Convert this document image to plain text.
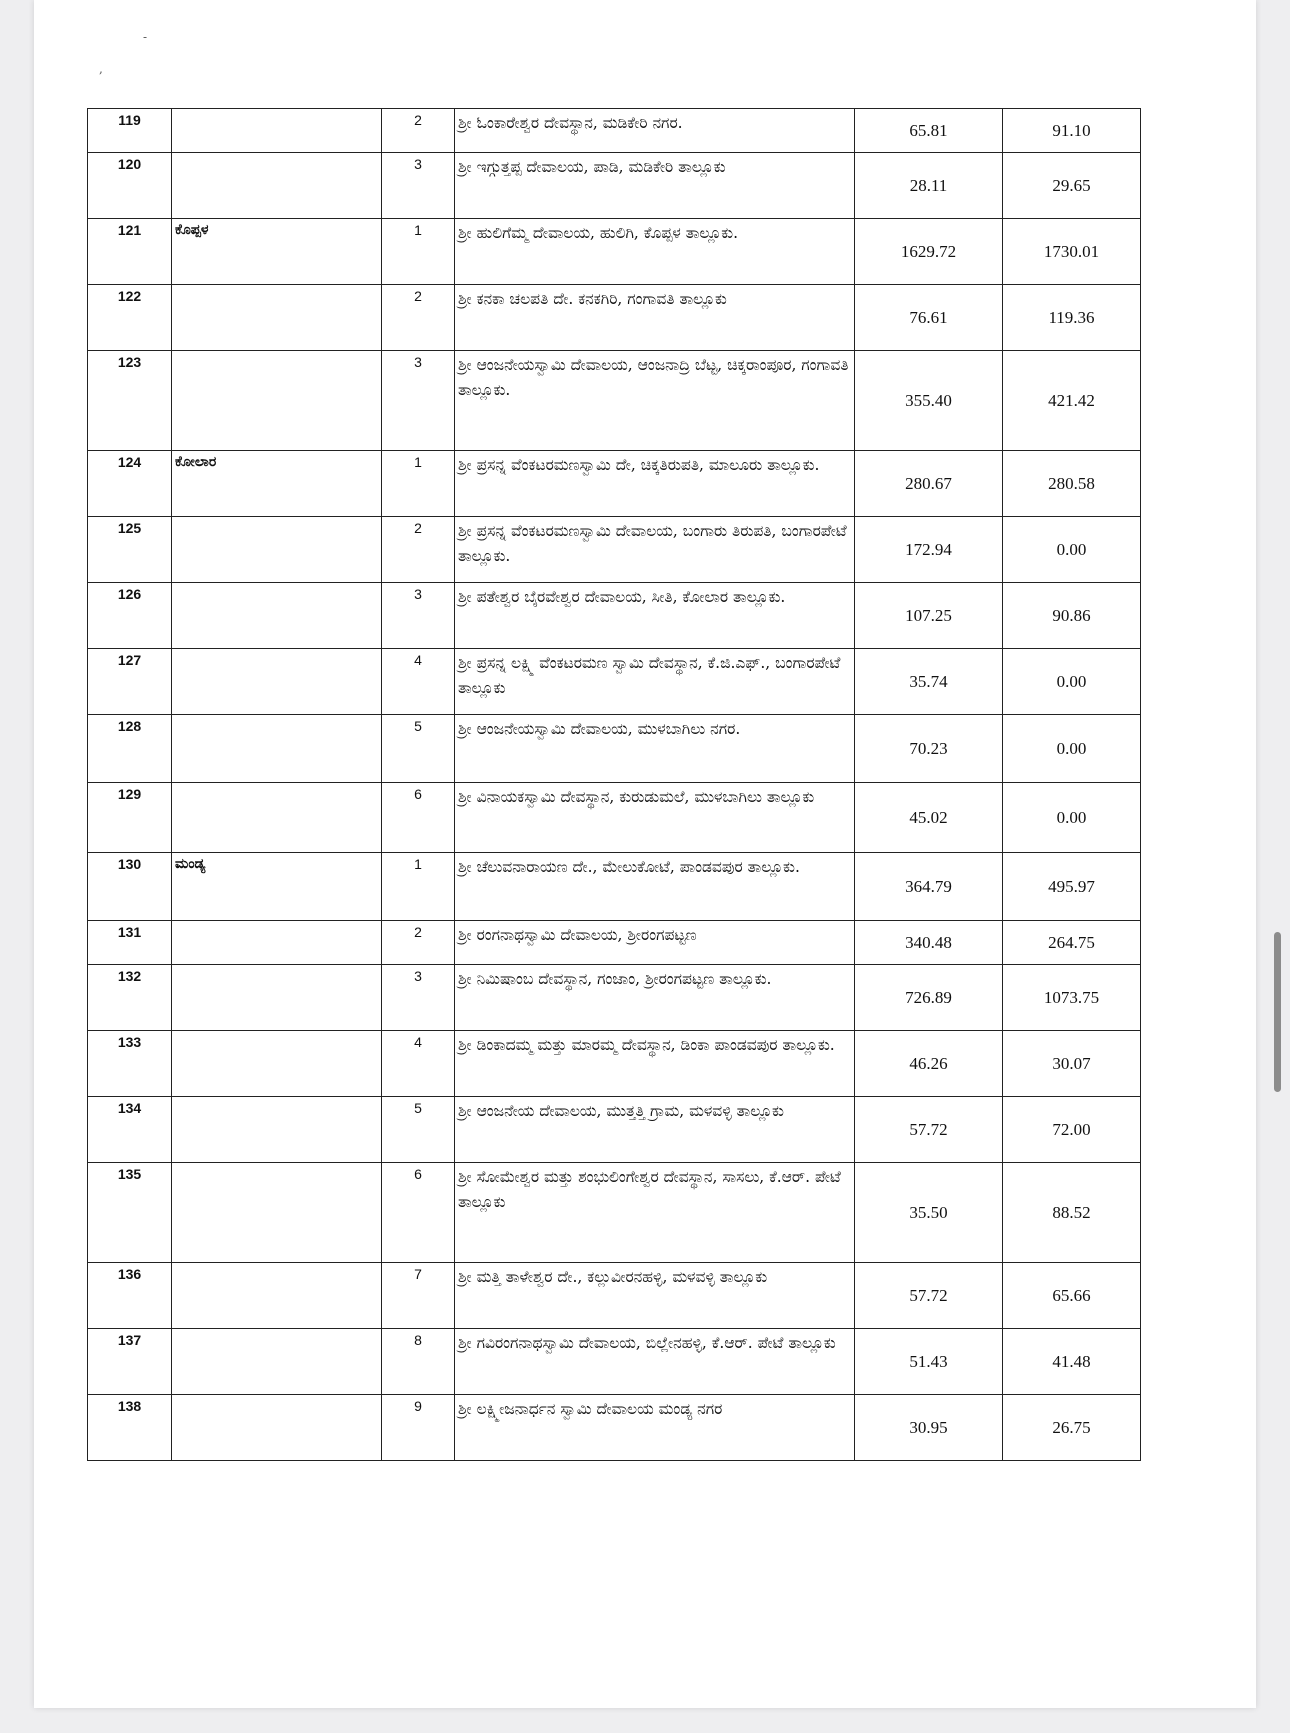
-
,
119		2	ಶ್ರೀ ಓಂಕಾರೇಶ್ವರ ದೇವಸ್ಥಾನ, ಮಡಿಕೇರಿ ನಗರ.	65.81	91.10
120		3	ಶ್ರೀ ಇಗ್ಗುತ್ತಪ್ಪ ದೇವಾಲಯ, ಪಾಡಿ, ಮಡಿಕೇರಿ ತಾಲ್ಲೂಕು	28.11	29.65
121	ಕೊಪ್ಪಳ	1	ಶ್ರೀ ಹುಲಿಗೆಮ್ಮ ದೇವಾಲಯ, ಹುಲಿಗಿ, ಕೊಪ್ಪಳ ತಾಲ್ಲೂಕು.	1629.72	1730.01
122		2	ಶ್ರೀ ಕನಕಾ ಚಲಪತಿ ದೇ. ಕನಕಗಿರಿ, ಗಂಗಾವತಿ ತಾಲ್ಲೂಕು	76.61	119.36
123		3	ಶ್ರೀ ಆಂಜನೇಯಸ್ವಾಮಿ ದೇವಾಲಯ, ಆಂಜನಾದ್ರಿ ಬೆಟ್ಟ, ಚಿಕ್ಕರಾಂಪೂರ, ಗಂಗಾವತಿ ತಾಲ್ಲೂಕು.	355.40	421.42
124	ಕೋಲಾರ	1	ಶ್ರೀ ಪ್ರಸನ್ನ ವೆಂಕಟರಮಣಸ್ವಾಮಿ ದೇ, ಚಿಕ್ಕತಿರುಪತಿ, ಮಾಲೂರು ತಾಲ್ಲೂಕು.	280.67	280.58
125		2	ಶ್ರೀ ಪ್ರಸನ್ನ ವೆಂಕಟರಮಣಸ್ವಾಮಿ ದೇವಾಲಯ, ಬಂಗಾರು ತಿರುಪತಿ, ಬಂಗಾರಪೇಟೆ ತಾಲ್ಲೂಕು.	172.94	0.00
126		3	ಶ್ರೀ ಪತೇಶ್ವರ ಬೈರವೇಶ್ವರ ದೇವಾಲಯ, ಸೀತಿ, ಕೋಲಾರ ತಾಲ್ಲೂಕು.	107.25	90.86
127		4	ಶ್ರೀ ಪ್ರಸನ್ನ ಲಕ್ಷ್ಮಿ ವೆಂಕಟರಮಣ ಸ್ವಾಮಿ ದೇವಸ್ಥಾನ, ಕೆ.ಜಿ.ಎಫ್., ಬಂಗಾರಪೇಟೆ ತಾಲ್ಲೂಕು	35.74	0.00
128		5	ಶ್ರೀ ಆಂಜನೇಯಸ್ವಾಮಿ ದೇವಾಲಯ, ಮುಳಬಾಗಿಲು ನಗರ.	70.23	0.00
129		6	ಶ್ರೀ ವಿನಾಯಕಸ್ವಾಮಿ ದೇವಸ್ಥಾನ, ಕುರುಡುಮಲೆ, ಮುಳಬಾಗಿಲು ತಾಲ್ಲೂಕು	45.02	0.00
130	ಮಂಡ್ಯ	1	ಶ್ರೀ ಚೆಲುವನಾರಾಯಣ ದೇ., ಮೇಲುಕೋಟೆ, ಪಾಂಡವಪುರ ತಾಲ್ಲೂಕು.	364.79	495.97
131		2	ಶ್ರೀ ರಂಗನಾಥಸ್ವಾಮಿ ದೇವಾಲಯ, ಶ್ರೀರಂಗಪಟ್ಟಣ	340.48	264.75
132		3	ಶ್ರೀ ನಿಮಿಷಾಂಬ ದೇವಸ್ಥಾನ, ಗಂಜಾಂ, ಶ್ರೀರಂಗಪಟ್ಟಣ ತಾಲ್ಲೂಕು.	726.89	1073.75
133		4	ಶ್ರೀ ಡಿಂಕಾದಮ್ಮ ಮತ್ತು ಮಾರಮ್ಮ ದೇವಸ್ಥಾನ, ಡಿಂಕಾ ಪಾಂಡವಪುರ ತಾಲ್ಲೂಕು.	46.26	30.07
134		5	ಶ್ರೀ ಆಂಜನೇಯ ದೇವಾಲಯ, ಮುತ್ತತ್ತಿ ಗ್ರಾಮ, ಮಳವಳ್ಳಿ ತಾಲ್ಲೂಕು	57.72	72.00
135		6	ಶ್ರೀ ಸೋಮೇಶ್ವರ ಮತ್ತು ಶಂಭುಲಿಂಗೇಶ್ವರ ದೇವಸ್ಥಾನ, ಸಾಸಲು, ಕೆ.ಆರ್. ಪೇಟೆ ತಾಲ್ಲೂಕು	35.50	88.52
136		7	ಶ್ರೀ ಮತ್ತಿ ತಾಳೇಶ್ವರ ದೇ., ಕಲ್ಲುವೀರನಹಳ್ಳಿ, ಮಳವಳ್ಳಿ ತಾಲ್ಲೂಕು	57.72	65.66
137		8	ಶ್ರೀ ಗವಿರಂಗನಾಥಸ್ವಾಮಿ ದೇವಾಲಯ, ಬಿಲ್ಲೇನಹಳ್ಳಿ, ಕೆ.ಆರ್. ಪೇಟೆ ತಾಲ್ಲೂಕು	51.43	41.48
138		9	ಶ್ರೀ ಲಕ್ಷ್ಮೀಜನಾರ್ಧನ ಸ್ವಾಮಿ ದೇವಾಲಯ ಮಂಡ್ಯ ನಗರ	30.95	26.75
